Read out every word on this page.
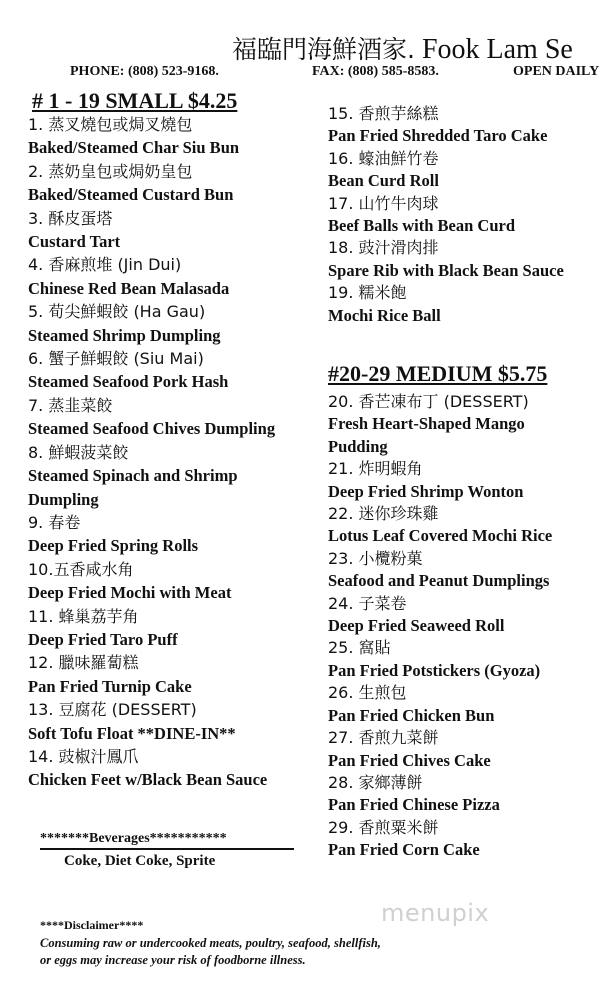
福臨門海鮮酒家. Fook Lam Se
PHONE: (808) 523-9168.	FAX: (808) 585-8583.	OPEN DAILY
# 1 - 19 SMALL $4.25
1. 蒸叉燒包或焗叉燒包
Baked/Steamed Char Siu Bun
2. 蒸奶皇包或焗奶皇包
Baked/Steamed Custard Bun
3. 酥皮蛋塔
Custard Tart
4. 香麻煎堆 (Jin Dui)
Chinese Red Bean Malasada
5. 荀尖鮮蝦餃 (Ha Gau)
Steamed Shrimp Dumpling
6. 蟹子鮮蝦餃 (Siu Mai)
Steamed Seafood Pork Hash
7. 蒸韭菜餃
Steamed Seafood Chives Dumpling
8. 鮮蝦菠菜餃
Steamed Spinach and Shrimp
Dumpling
9. 春卷
Deep Fried Spring Rolls
10.五香咸水角
Deep Fried Mochi with Meat
11. 蜂巢荔芋角
Deep Fried Taro Puff
12. 臘味羅蔔糕
Pan Fried Turnip Cake
13. 豆腐花 (DESSERT)
Soft Tofu Float **DINE-IN**
14. 豉椒汁鳳爪
Chicken Feet w/Black Bean Sauce
15. 香煎芋絲糕
Pan Fried Shredded Taro Cake
16. 蠔油鮮竹卷
Bean Curd Roll
17. 山竹牛肉球
Beef Balls with Bean Curd
18. 豉汁滑肉排
Spare Rib with Black Bean Sauce
19. 糯米飽
Mochi Rice Ball
#20-29 MEDIUM $5.75
20. 香芒凍布丁 (DESSERT)
Fresh Heart-Shaped Mango
Pudding
21. 炸明蝦角
Deep Fried Shrimp Wonton
22. 迷你珍珠雞
Lotus Leaf Covered Mochi Rice
23. 小欖粉菓
Seafood and Peanut Dumplings
24. 子菜卷
Deep Fried Seaweed Roll
25. 窩貼
Pan Fried Potstickers (Gyoza)
26. 生煎包
Pan Fried Chicken Bun
27. 香煎九菜餅
Pan Fried Chives Cake
28. 家鄉薄餅
Pan Fried Chinese Pizza
29. 香煎粟米餅
Pan Fried Corn Cake
*******Beverages***********
Coke, Diet Coke, Sprite
****Disclaimer****
Consuming raw or undercooked meats, poultry, seafood, shellfish,
or eggs may increase your risk of foodborne illness.
menupix
